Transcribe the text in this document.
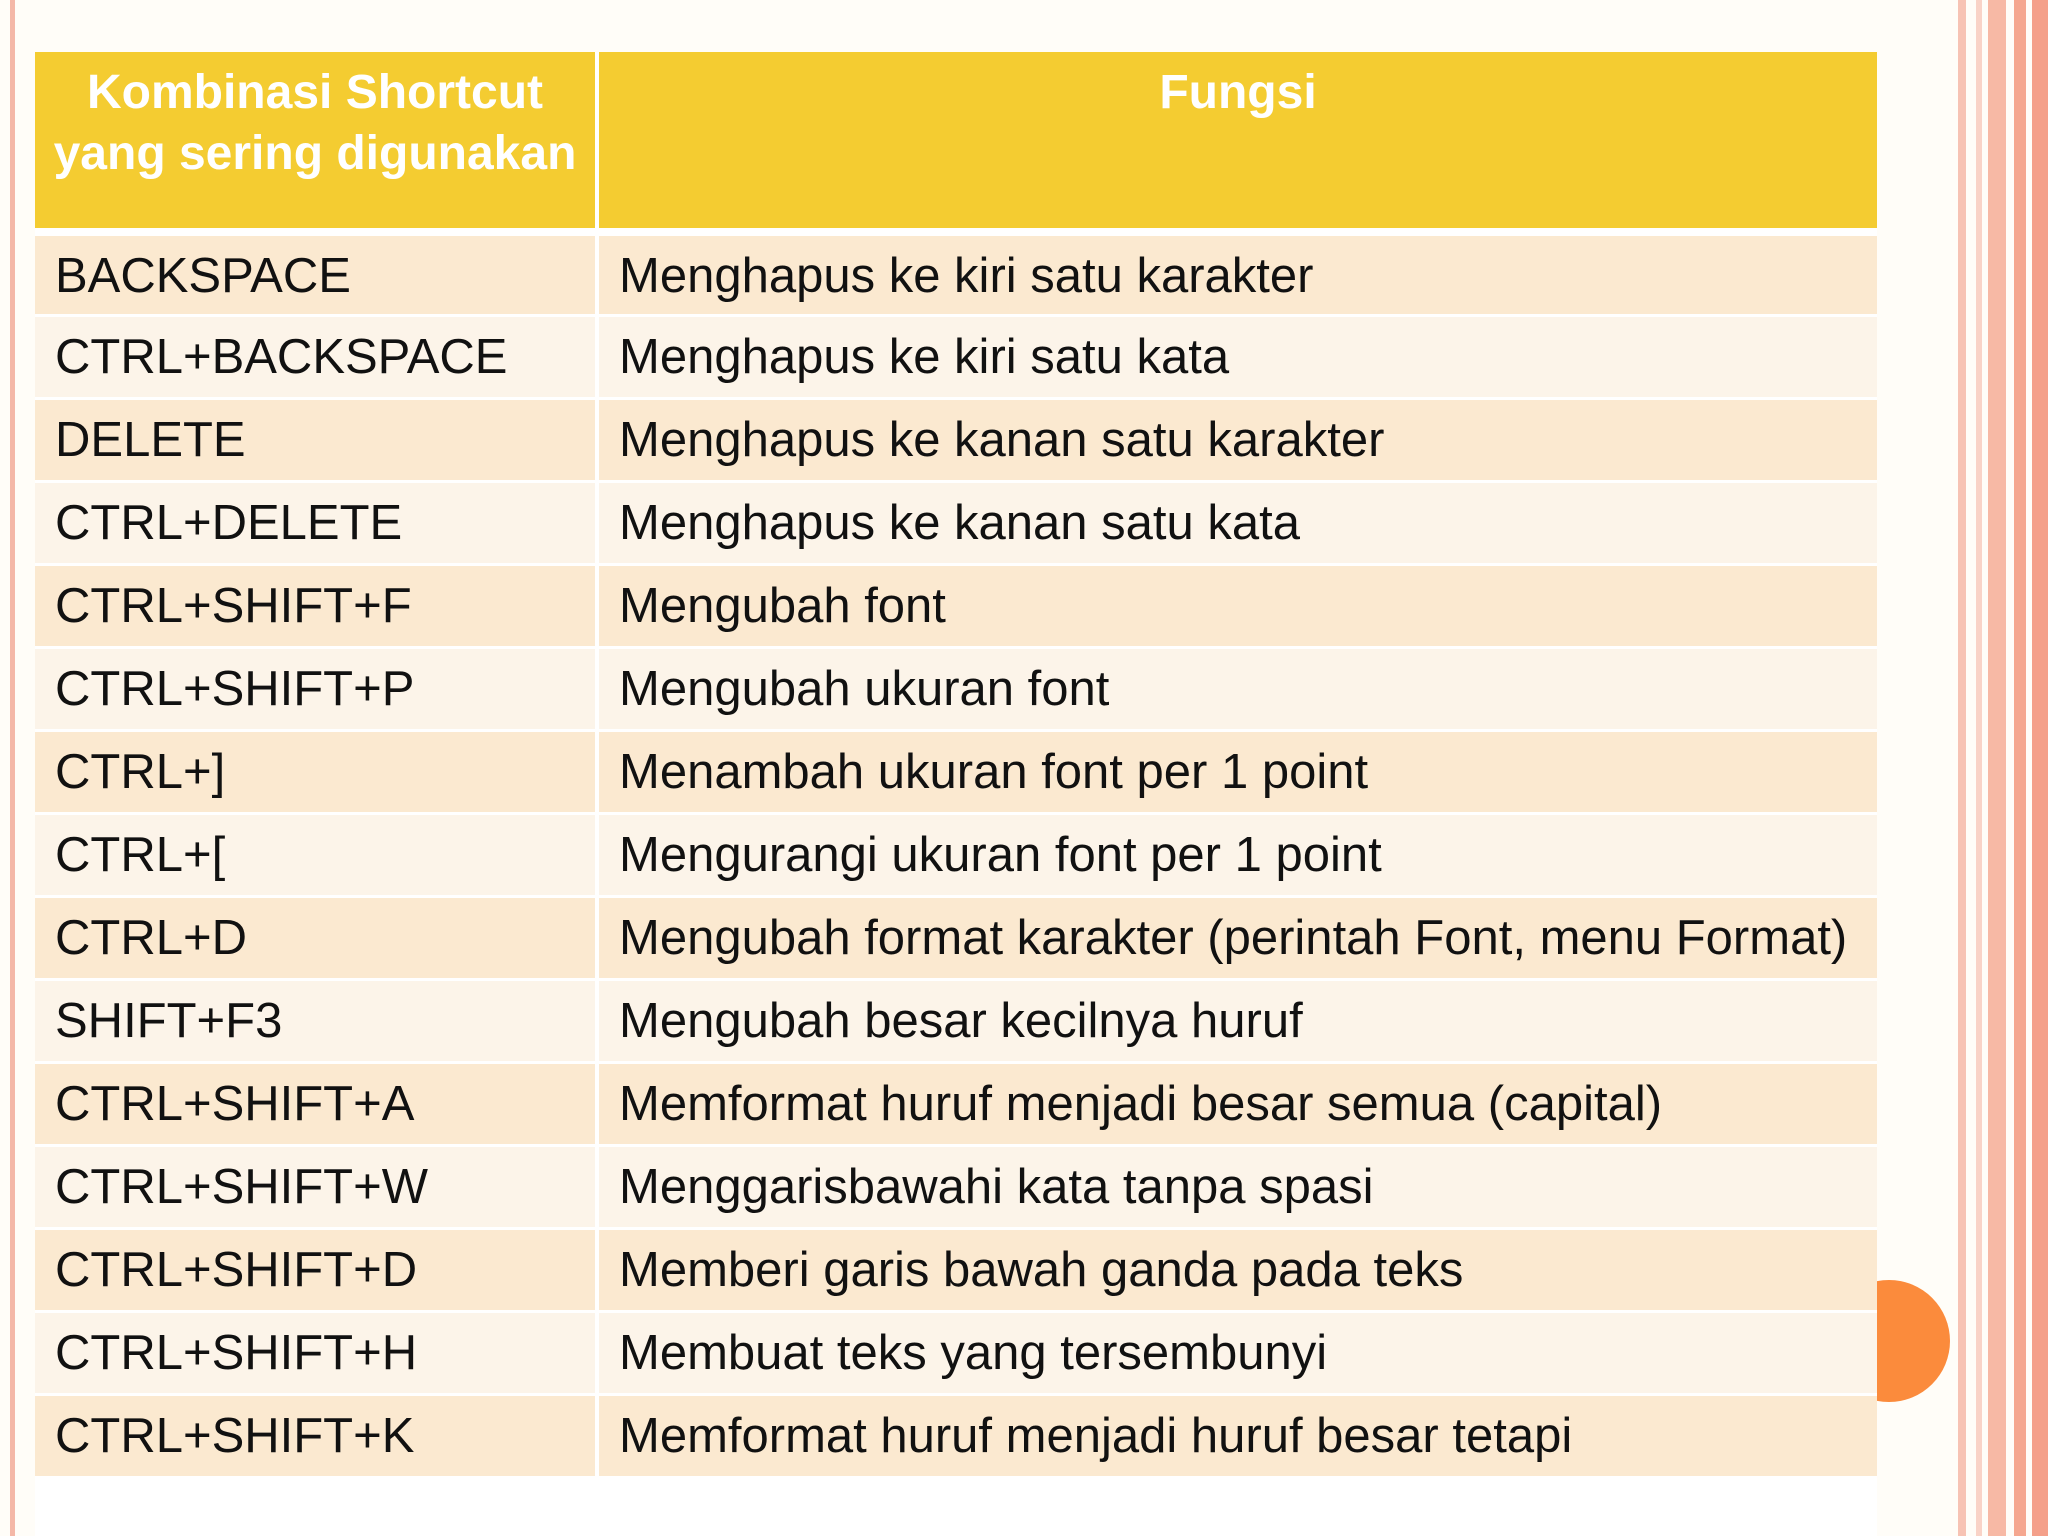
Kombinasi Shortcut yang sering digunakan	Fungsi
BACKSPACE	Menghapus ke kiri satu karakter
CTRL+BACKSPACE	Menghapus ke kiri satu kata
DELETE	Menghapus ke kanan satu karakter
CTRL+DELETE	Menghapus ke kanan satu kata
CTRL+SHIFT+F	Mengubah font
CTRL+SHIFT+P	Mengubah ukuran font
CTRL+]	Menambah ukuran font per 1 point
CTRL+[	Mengurangi ukuran font per 1 point
CTRL+D	Mengubah format karakter (perintah Font, menu Format)
SHIFT+F3	Mengubah besar kecilnya huruf
CTRL+SHIFT+A	Memformat huruf menjadi besar semua (capital)
CTRL+SHIFT+W	Menggarisbawahi kata tanpa spasi
CTRL+SHIFT+D	Memberi garis bawah ganda pada teks
CTRL+SHIFT+H	Membuat teks yang tersembunyi
CTRL+SHIFT+K	Memformat huruf menjadi huruf besar tetapi
